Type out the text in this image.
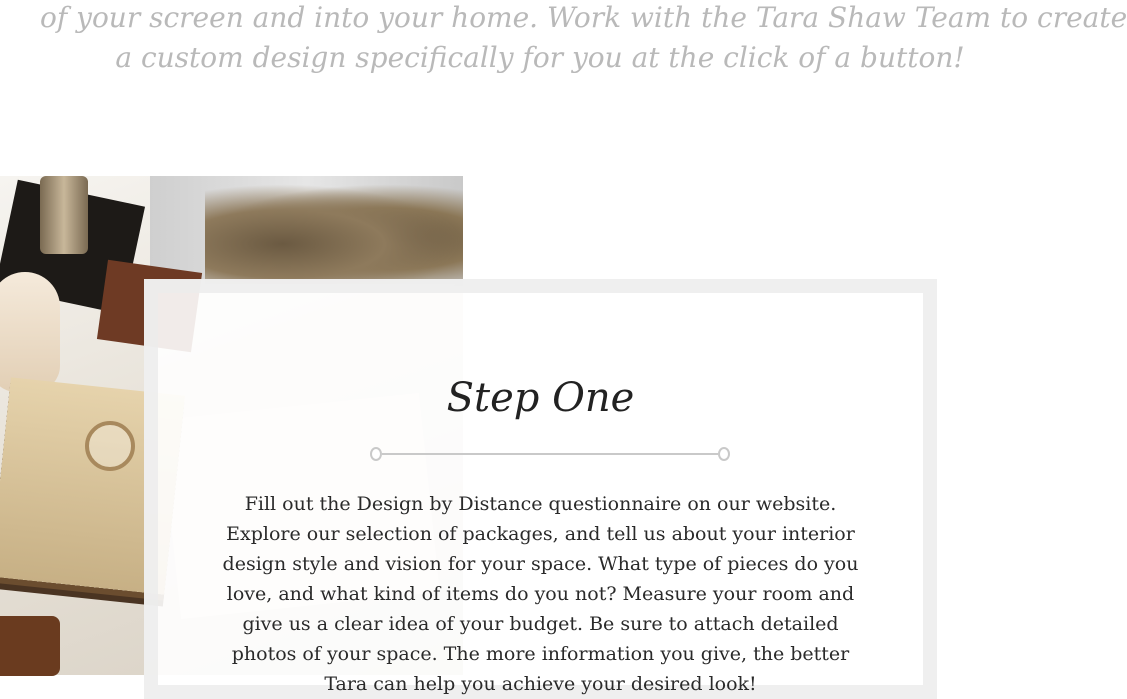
of your screen and into your home. Work with the Tara Shaw Team to create
a custom design specifically for you at the click of a button!
Step One
Fill out the Design by Distance questionnaire on our website. Explore our selection of packages, and tell us about your interior design style and vision for your space. What type of pieces do you love, and what kind of items do you not? Measure your room and give us a clear idea of your budget. Be sure to attach detailed photos of your space. The more information you give, the better Tara can help you achieve your desired look!
